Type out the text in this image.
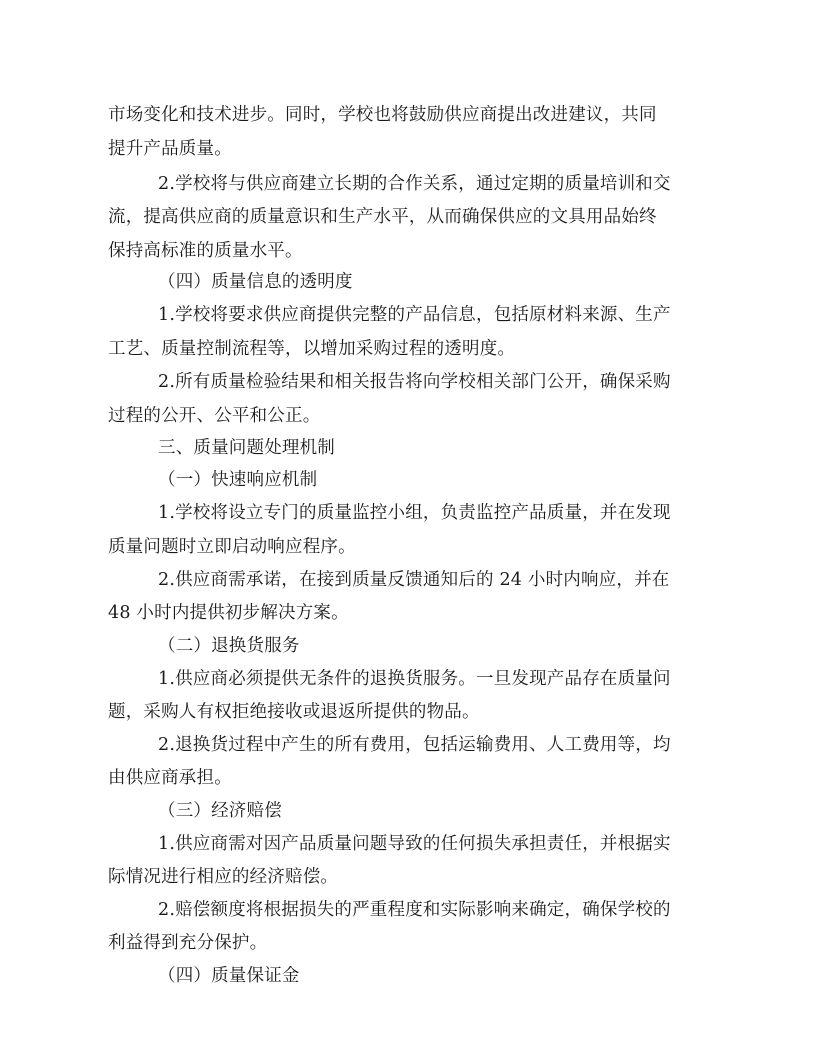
市场变化和技术进步。同时，学校也将鼓励供应商提出改进建议，共同
提升产品质量。
2.学校将与供应商建立长期的合作关系，通过定期的质量培训和交
流，提高供应商的质量意识和生产水平，从而确保供应的文具用品始终
保持高标准的质量水平。
（四）质量信息的透明度
1.学校将要求供应商提供完整的产品信息，包括原材料来源、生产
工艺、质量控制流程等，以增加采购过程的透明度。
2.所有质量检验结果和相关报告将向学校相关部门公开，确保采购
过程的公开、公平和公正。
三、质量问题处理机制
（一）快速响应机制
1.学校将设立专门的质量监控小组，负责监控产品质量，并在发现
质量问题时立即启动响应程序。
2.供应商需承诺，在接到质量反馈通知后的 24 小时内响应，并在
48 小时内提供初步解决方案。
（二）退换货服务
1.供应商必须提供无条件的退换货服务。一旦发现产品存在质量问
题，采购人有权拒绝接收或退返所提供的物品。
2.退换货过程中产生的所有费用，包括运输费用、人工费用等，均
由供应商承担。
（三）经济赔偿
1.供应商需对因产品质量问题导致的任何损失承担责任，并根据实
际情况进行相应的经济赔偿。
2.赔偿额度将根据损失的严重程度和实际影响来确定，确保学校的
利益得到充分保护。
（四）质量保证金
